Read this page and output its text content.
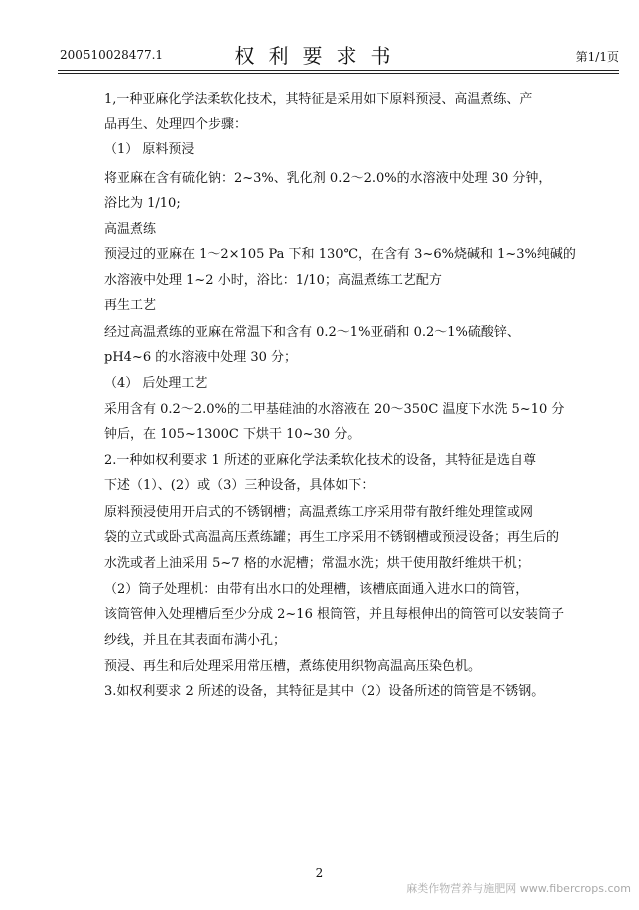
200510028477.1	权利要求书	第1/1页
1,一种亚麻化学法柔软化技术，其特征是采用如下原料预浸、高温煮练、产
品再生、处理四个步骤：
（1） 原料预浸
将亚麻在含有硫化钠：2~3%、乳化剂 0.2～2.0%的水溶液中处理 30 分钟，
浴比为 1/10;
高温煮练
预浸过的亚麻在 1～2×105 Pa 下和 130℃，在含有 3~6%烧碱和 1~3%纯碱的
水溶液中处理 1~2 小时，浴比：1/10；高温煮练工艺配方
再生工艺
经过高温煮练的亚麻在常温下和含有 0.2～1%亚硝和 0.2～1%硫酸锌、
pH4~6 的水溶液中处理 30 分；
（4） 后处理工艺
采用含有 0.2～2.0%的二甲基硅油的水溶液在 20～350C 温度下水洗 5~10 分
钟后，在 105~1300C 下烘干 10~30 分。
2.一种如权利要求 1 所述的亚麻化学法柔软化技术的设备，其特征是选自尊
下述（1）、(2）或（3）三种设备，具体如下：
原料预浸使用开启式的不锈钢槽；高温煮练工序采用带有散纤维处理筐或网
袋的立式或卧式高温高压煮练罐；再生工序采用不锈钢槽或预浸设备；再生后的
水洗或者上油采用 5~7 格的水泥槽；常温水洗；烘干使用散纤维烘干机；
（2）筒子处理机：由带有出水口的处理槽，该槽底面通入进水口的筒管，
该筒管伸入处理槽后至少分成 2~16 根筒管，并且每根伸出的筒管可以安装筒子
纱线，并且在其表面布满小孔；
预浸、再生和后处理采用常压槽，煮练使用织物高温高压染色机。
3.如权利要求 2 所述的设备，其特征是其中（2）设备所述的筒管是不锈钢。
2
麻类作物营养与施肥网 www.fibercrops.com
